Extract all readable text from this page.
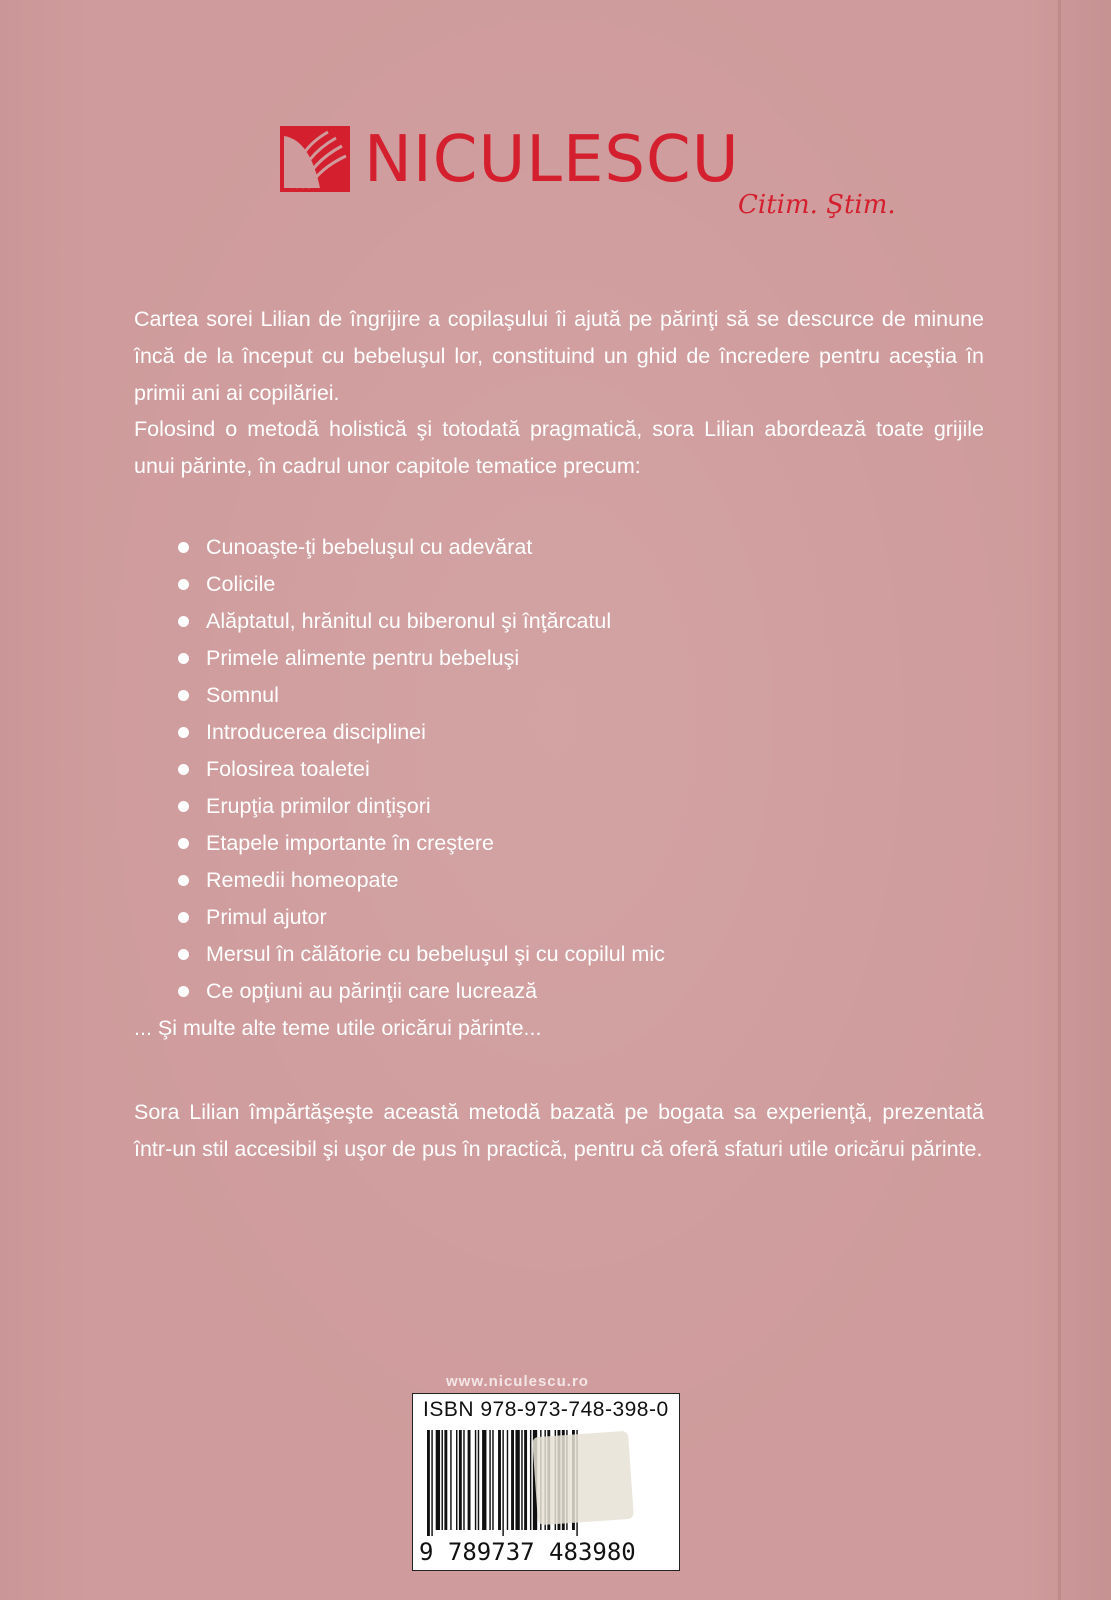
NICULESCU
Citim. Ştim.

Cartea sorei Lilian de îngrijire a copilaşului îi ajută pe părinţi să se descurce de minune încă de la început cu bebeluşul lor, constituind un ghid de încredere pentru aceştia în primii ani ai copilăriei.

Folosind o metodă holistică şi totodată pragmatică, sora Lilian abordează toate grijile unui părinte, în cadrul unor capitole tematice precum:

Cunoaşte-ţi bebeluşul cu adevărat
Colicile
Alăptatul, hrănitul cu biberonul şi înţărcatul
Primele alimente pentru bebeluşi
Somnul
Introducerea disciplinei
Folosirea toaletei
Erupţia primilor dinţişori
Etapele importante în creştere
Remedii homeopate
Primul ajutor
Mersul în călătorie cu bebeluşul şi cu copilul mic
Ce opţiuni au părinţii care lucrează

... Şi multe alte teme utile oricărui părinte...

Sora Lilian împărtăşeşte această metodă bazată pe bogata sa experienţă, prezentată într-un stil accesibil şi uşor de pus în practică, pentru că oferă sfaturi utile oricărui părinte.

www.niculescu.ro
ISBN 978-973-748-398-0
9 789737 483980
